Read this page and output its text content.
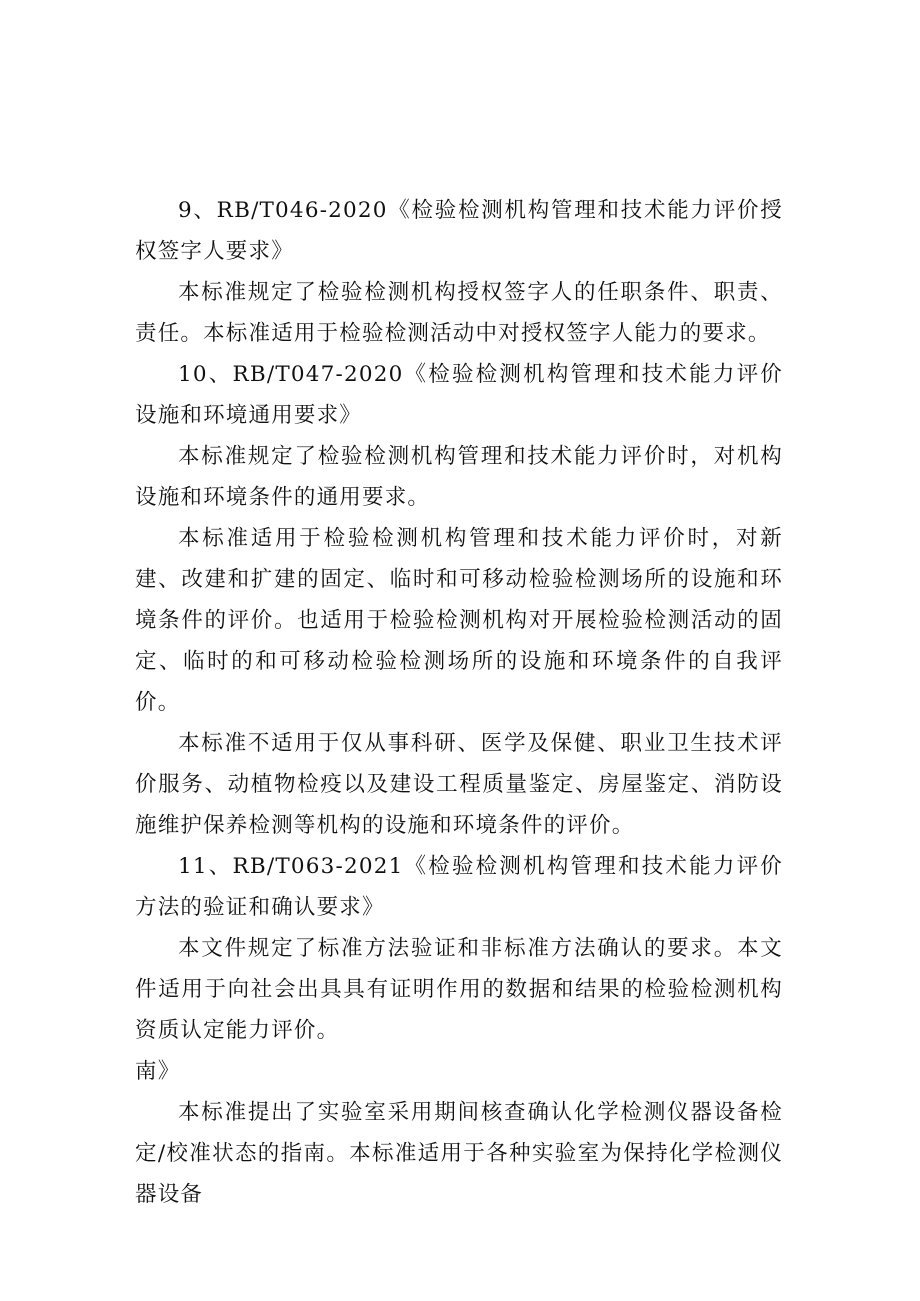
9、RB/T046-2020《检验检测机构管理和技术能力评价授权签字人要求》

本标准规定了检验检测机构授权签字人的任职条件、职责、责任。本标准适用于检验检测活动中对授权签字人能力的要求。

10、RB/T047-2020《检验检测机构管理和技术能力评价设施和环境通用要求》

本标准规定了检验检测机构管理和技术能力评价时，对机构设施和环境条件的通用要求。

本标准适用于检验检测机构管理和技术能力评价时，对新建、改建和扩建的固定、临时和可移动检验检测场所的设施和环境条件的评价。也适用于检验检测机构对开展检验检测活动的固定、临时的和可移动检验检测场所的设施和环境条件的自我评价。

本标准不适用于仅从事科研、医学及保健、职业卫生技术评价服务、动植物检疫以及建设工程质量鉴定、房屋鉴定、消防设施维护保养检测等机构的设施和环境条件的评价。

11、RB/T063-2021《检验检测机构管理和技术能力评价方法的验证和确认要求》

本文件规定了标准方法验证和非标准方法确认的要求。本文件适用于向社会出具具有证明作用的数据和结果的检验检测机构资质认定能力评价。

南》

本标准提出了实验室采用期间核查确认化学检测仪器设备检定/校准状态的指南。本标准适用于各种实验室为保持化学检测仪器设备
